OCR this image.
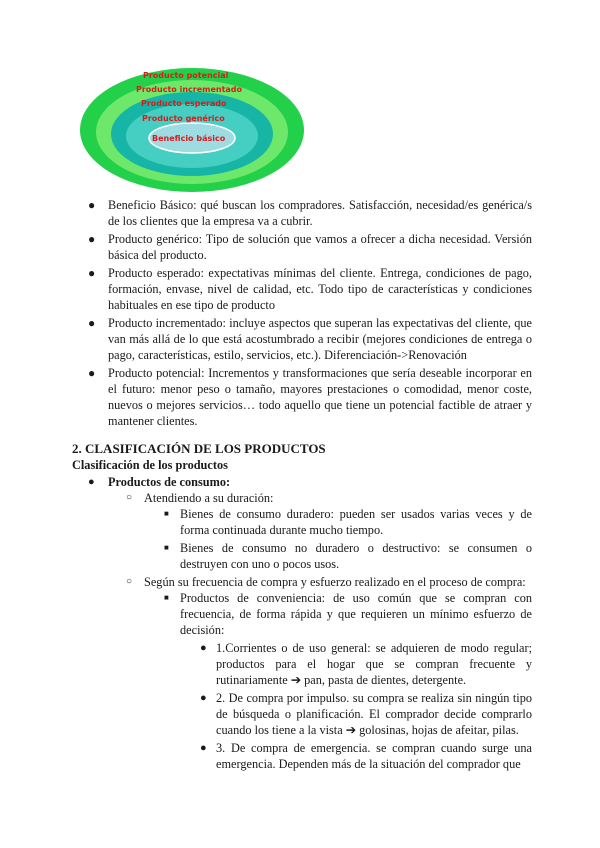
Producto potencial
Producto incrementado
Producto esperado
Producto genérico
Beneficio básico
● Beneficio Básico: qué buscan los compradores. Satisfacción, necesidad/es genérica/s de los clientes que la empresa va a cubrir.
● Producto genérico: Tipo de solución que vamos a ofrecer a dicha necesidad. Versión básica del producto.
● Producto esperado: expectativas mínimas del cliente. Entrega, condiciones de pago, formación, envase, nivel de calidad, etc. Todo tipo de características y condiciones habituales en ese tipo de producto
● Producto incrementado: incluye aspectos que superan las expectativas del cliente, que van más allá de lo que está acostumbrado a recibir (mejores condiciones de entrega o pago, características, estilo, servicios, etc.). Diferenciación->Renovación
● Producto potencial: Incrementos y transformaciones que sería deseable incorporar en el futuro: menor peso o tamaño, mayores prestaciones o comodidad, menor coste, nuevos o mejores servicios… todo aquello que tiene un potencial factible de atraer y mantener clientes.
2. CLASIFICACIÓN DE LOS PRODUCTOS
Clasificación de los productos
● Productos de consumo:
○ Atendiendo a su duración:
■ Bienes de consumo duradero: pueden ser usados varias veces y de forma continuada durante mucho tiempo.
■ Bienes de consumo no duradero o destructivo: se consumen o destruyen con uno o pocos usos.
○ Según su frecuencia de compra y esfuerzo realizado en el proceso de compra:
■ Productos de conveniencia: de uso común que se compran con frecuencia, de forma rápida y que requieren un mínimo esfuerzo de decisión:
● 1.Corrientes o de uso general: se adquieren de modo regular; productos para el hogar que se compran frecuente y rutinariamente ➔ pan, pasta de dientes, detergente.
● 2. De compra por impulso. su compra se realiza sin ningún tipo de búsqueda o planificación. El comprador decide comprarlo cuando los tiene a la vista ➔ golosinas, hojas de afeitar, pilas.
● 3. De compra de emergencia. se compran cuando surge una emergencia. Dependen más de la situación del comprador que
